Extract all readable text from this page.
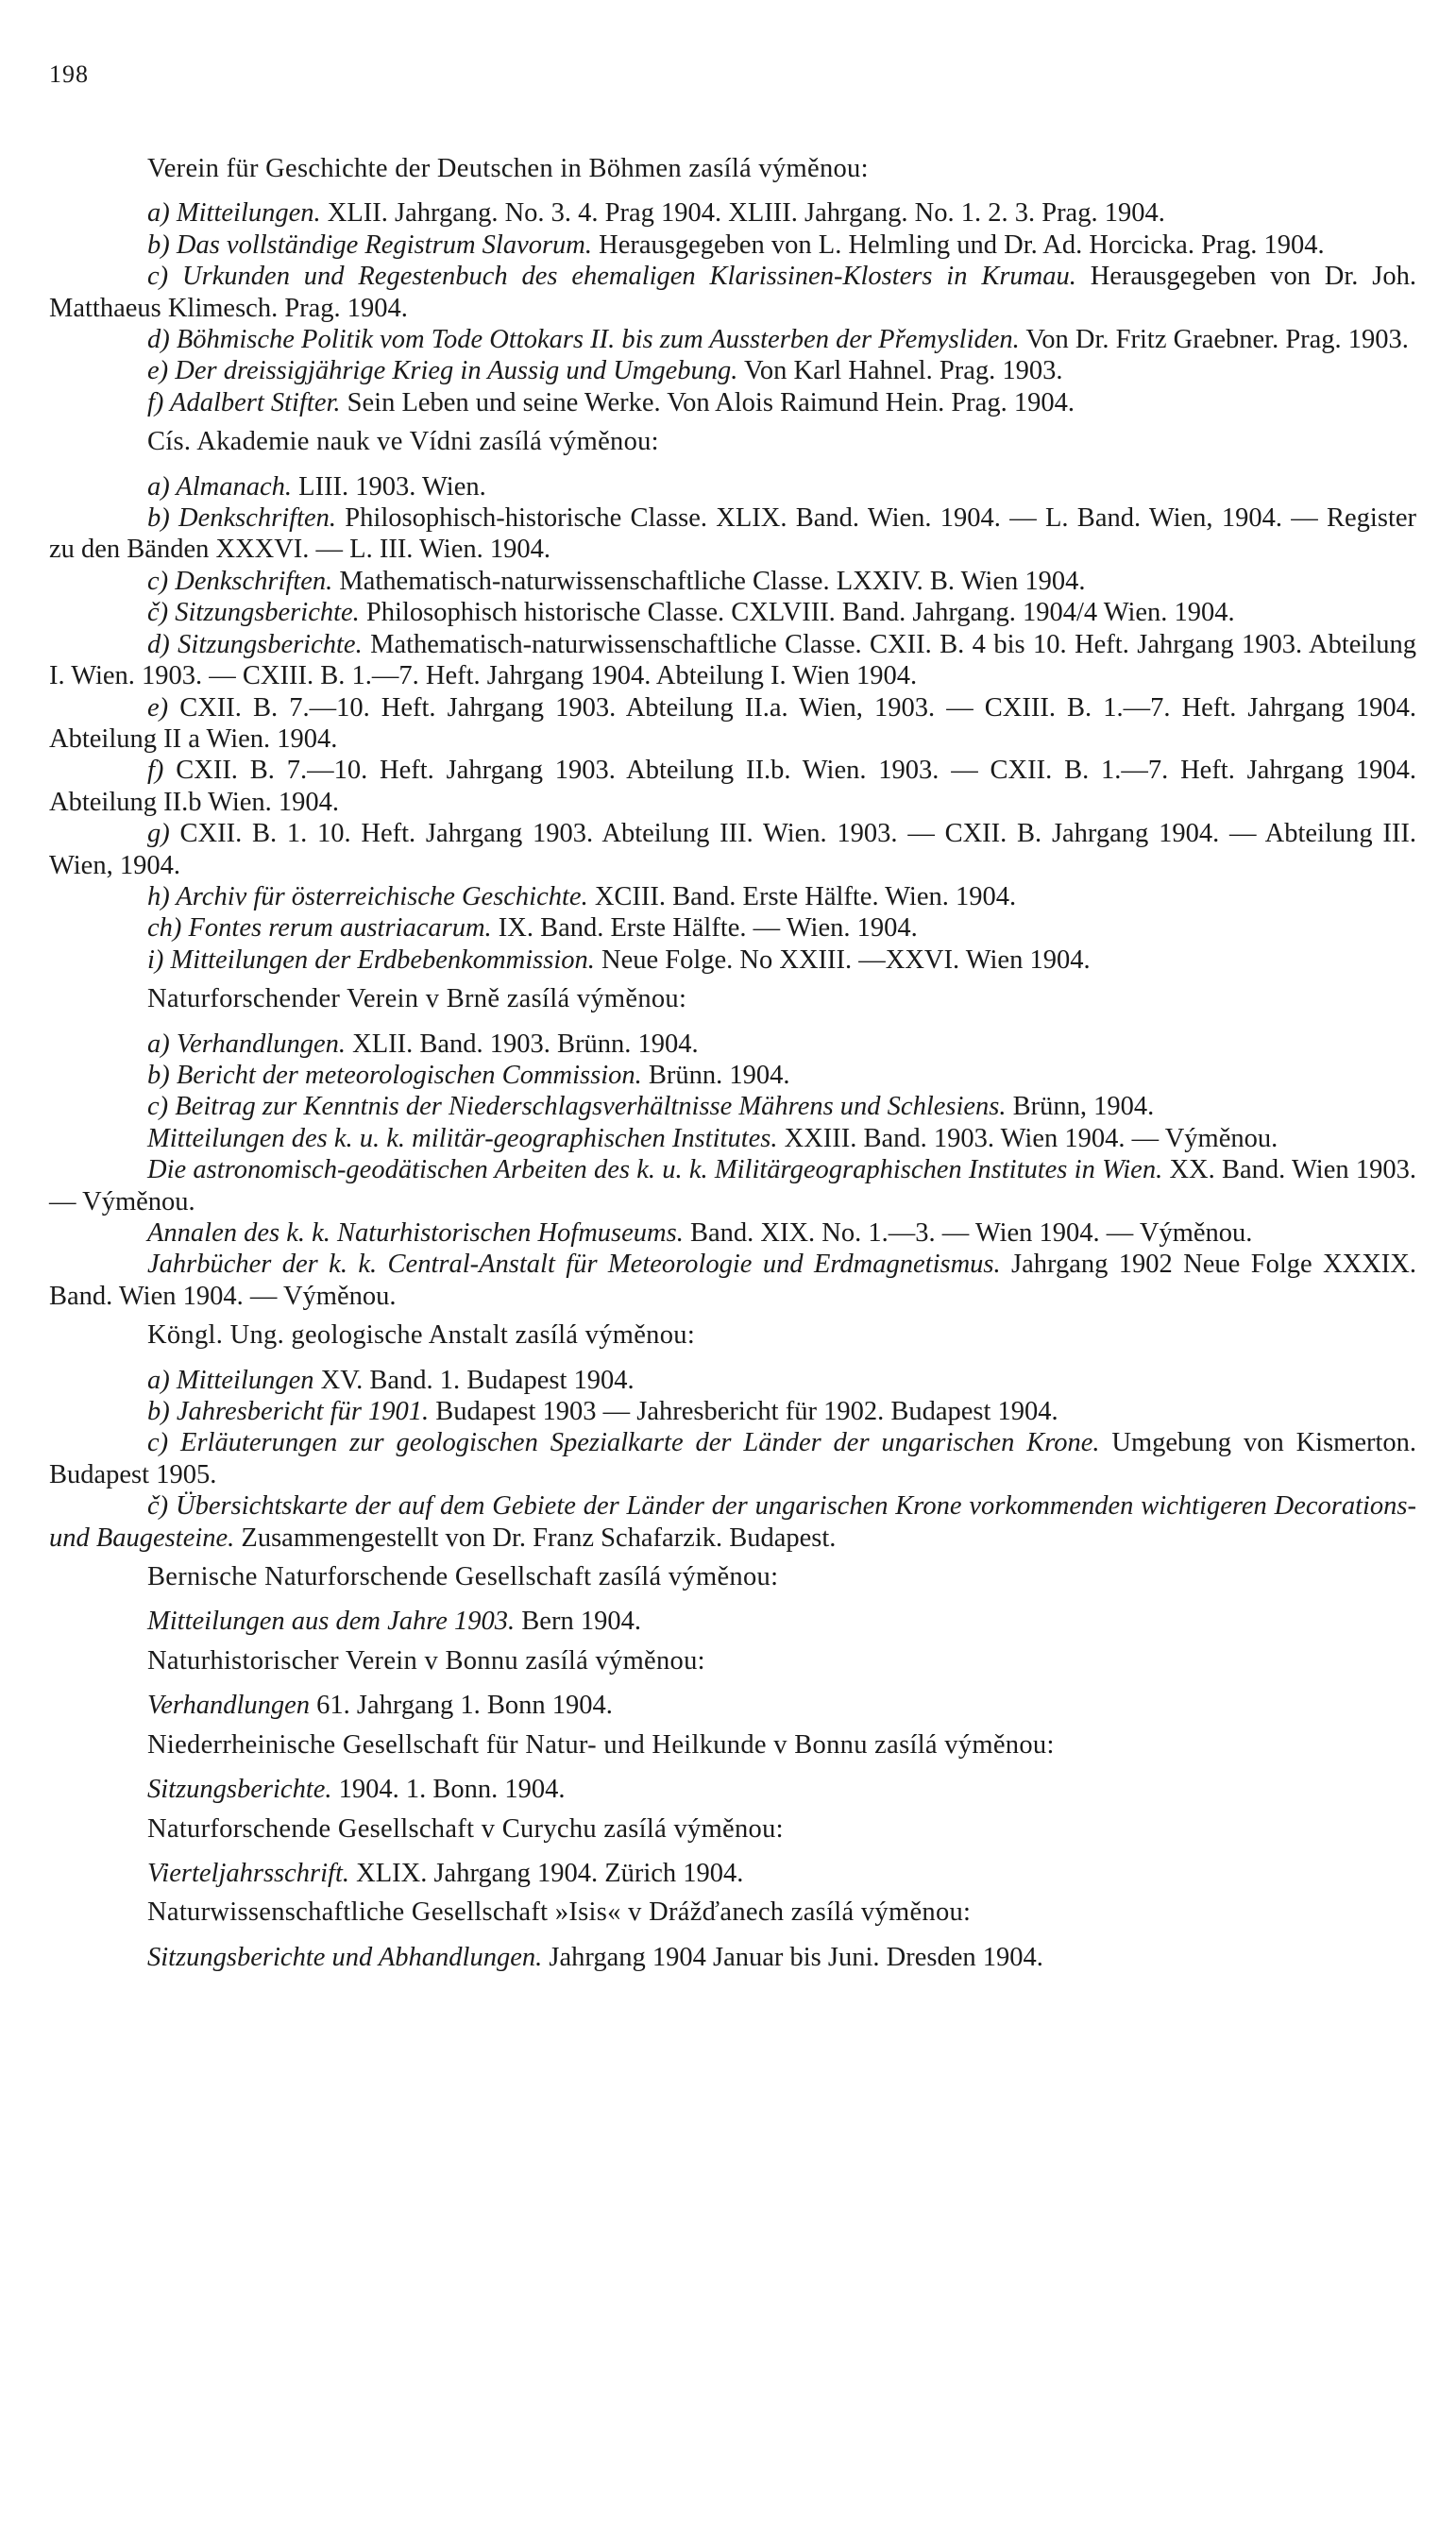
198

Verein für Geschichte der Deutschen in Böhmen zasílá výměnou:

a) Mitteilungen. XLII. Jahrgang. No. 3. 4. Prag 1904. XLIII. Jahrgang. No. 1. 2. 3. Prag. 1904.

b) Das vollständige Registrum Slavorum. Herausgegeben von L. Helmling und Dr. Ad. Horcicka. Prag. 1904.

c) Urkunden und Regestenbuch des ehemaligen Klarissinen-Klosters in Krumau. Herausgegeben von Dr. Joh. Matthaeus Klimesch. Prag. 1904.

d) Böhmische Politik vom Tode Ottokars II. bis zum Aussterben der Přemysliden. Von Dr. Fritz Graebner. Prag. 1903.

e) Der dreissigjährige Krieg in Aussig und Umgebung. Von Karl Hahnel. Prag. 1903.

f) Adalbert Stifter. Sein Leben und seine Werke. Von Alois Raimund Hein. Prag. 1904.

Cís. Akademie nauk ve Vídni zasílá výměnou:

a) Almanach. LIII. 1903. Wien.

b) Denkschriften. Philosophisch-historische Classe. XLIX. Band. Wien. 1904. — L. Band. Wien, 1904. — Register zu den Bänden XXXVI. — L. III. Wien. 1904.

c) Denkschriften. Mathematisch-naturwissenschaftliche Classe. LXXIV. B. Wien 1904.

č) Sitzungsberichte. Philosophisch historische Classe. CXLVIII. Band. Jahrgang. 1904/4 Wien. 1904.

d) Sitzungsberichte. Mathematisch-naturwissenschaftliche Classe. CXII. B. 4 bis 10. Heft. Jahrgang 1903. Abteilung I. Wien. 1903. — CXIII. B. 1.—7. Heft. Jahrgang 1904. Abteilung I. Wien 1904.

e) CXII. B. 7.—10. Heft. Jahrgang 1903. Abteilung II.a. Wien, 1903. — CXIII. B. 1.—7. Heft. Jahrgang 1904. Abteilung II a Wien. 1904.

f) CXII. B. 7.—10. Heft. Jahrgang 1903. Abteilung II.b. Wien. 1903. — CXII. B. 1.—7. Heft. Jahrgang 1904. Abteilung II.b Wien. 1904.

g) CXII. B. 1. 10. Heft. Jahrgang 1903. Abteilung III. Wien. 1903. — CXII. B. Jahrgang 1904. — Abteilung III. Wien, 1904.

h) Archiv für österreichische Geschichte. XCIII. Band. Erste Hälfte. Wien. 1904.

ch) Fontes rerum austriacarum. IX. Band. Erste Hälfte. — Wien. 1904.

i) Mitteilungen der Erdbebenkommission. Neue Folge. No XXIII. —XXVI. Wien 1904.

Naturforschender Verein v Brně zasílá výměnou:

a) Verhandlungen. XLII. Band. 1903. Brünn. 1904.

b) Bericht der meteorologischen Commission. Brünn. 1904.

c) Beitrag zur Kenntnis der Niederschlagsverhältnisse Mährens und Schlesiens. Brünn, 1904.

Mitteilungen des k. u. k. militär-geographischen Institutes. XXIII. Band. 1903. Wien 1904. — Výměnou.

Die astronomisch-geodätischen Arbeiten des k. u. k. Militärgeographischen Institutes in Wien. XX. Band. Wien 1903. — Výměnou.

Annalen des k. k. Naturhistorischen Hofmuseums. Band. XIX. No. 1.—3. — Wien 1904. — Výměnou.

Jahrbücher der k. k. Central-Anstalt für Meteorologie und Erdmagnetismus. Jahrgang 1902 Neue Folge XXXIX. Band. Wien 1904. — Výměnou.

Köngl. Ung. geologische Anstalt zasílá výměnou:

a) Mitteilungen XV. Band. 1. Budapest 1904.

b) Jahresbericht für 1901. Budapest 1903 — Jahresbericht für 1902. Budapest 1904.

c) Erläuterungen zur geologischen Spezialkarte der Länder der ungarischen Krone. Umgebung von Kismerton. Budapest 1905.

č) Übersichtskarte der auf dem Gebiete der Länder der ungarischen Krone vorkommenden wichtigeren Decorations- und Baugesteine. Zusammengestellt von Dr. Franz Schafarzik. Budapest.

Bernische Naturforschende Gesellschaft zasílá výměnou:

Mitteilungen aus dem Jahre 1903. Bern 1904.

Naturhistorischer Verein v Bonnu zasílá výměnou:

Verhandlungen 61. Jahrgang 1. Bonn 1904.

Niederrheinische Gesellschaft für Natur- und Heilkunde v Bonnu zasílá výměnou:

Sitzungsberichte. 1904. 1. Bonn. 1904.

Naturforschende Gesellschaft v Curychu zasílá výměnou:

Vierteljahrsschrift. XLIX. Jahrgang 1904. Zürich 1904.

Naturwissenschaftliche Gesellschaft »Isis« v Drážďanech zasílá výměnou:

Sitzungsberichte und Abhandlungen. Jahrgang 1904 Januar bis Juni. Dresden 1904.
